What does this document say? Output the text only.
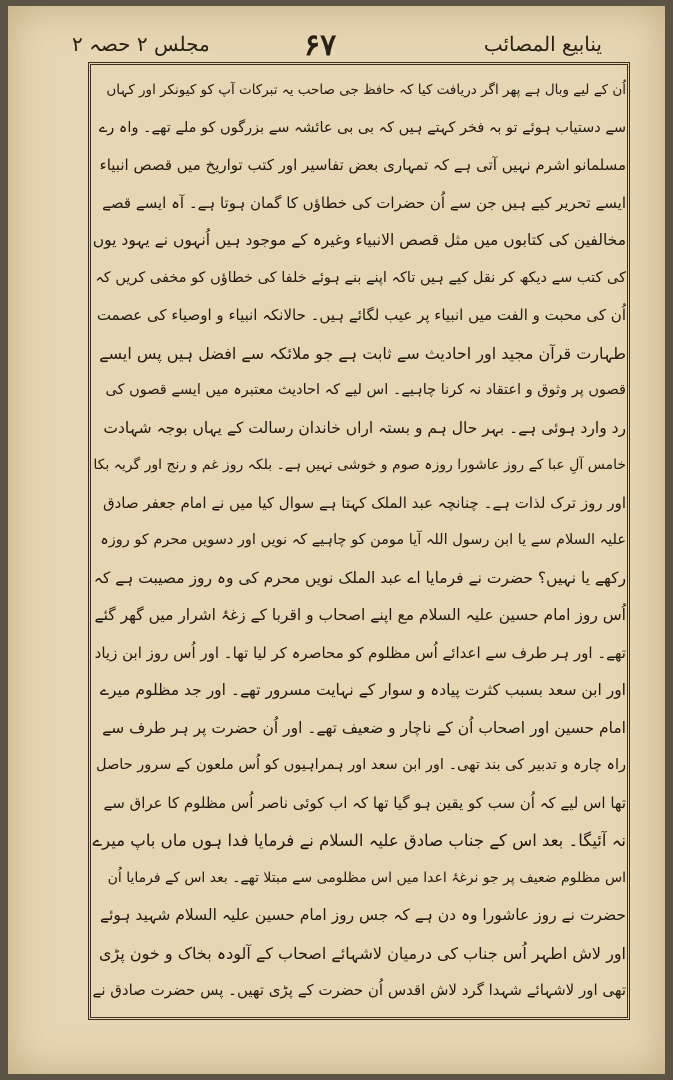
ینابیع المصائب
۶۷
مجلس ۲ حصہ ۲
اُن کے لیے وبال ہے پھر اگر دریافت کیا کہ حافظ جی صاحب یہ تبرکات آپ کو کیونکر اور کہاں
سے دستیاب ہوئے تو بہ فخر کہتے ہیں کہ بی بی عائشہ سے بزرگوں کو ملے تھے۔ واہ رے
مسلمانو اشرم نہیں آتی ہے کہ تمہاری بعض تفاسیر اور کتب تواریخ میں قصص انبیاء
ایسے تحریر کیے ہیں جن سے اُن حضرات کی خطاؤں کا گمان ہوتا ہے۔ آہ ایسے قصے
مخالفین کی کتابوں میں مثل قصص الانبیاء وغیرہ کے موجود ہیں اُنہوں نے یہود یوں
کی کتب سے دیکھ کر نقل کیے ہیں تاکہ اپنے بنے ہوئے خلفا کی خطاؤں کو مخفی کریں کہ
اُن کی محبت و الفت میں انبیاء پر عیب لگائے ہیں۔ حالانکہ انبیاء و اوصیاء کی عصمت
طہارت قرآن مجید اور احادیث سے ثابت ہے جو ملائکہ سے افضل ہیں پس ایسے
قصوں پر وثوق و اعتقاد نہ کرنا چاہیے۔ اس لیے کہ احادیث معتبرہ میں ایسے قصوں کی
رد وارد ہوئی ہے۔ بہر حال ہم و بستہ اراں خاندان رسالت کے یہاں بوجہ شہادت
خامس آلِ عبا کے روز عاشورا روزہ صوم و خوشی نہیں ہے۔ بلکہ روز غم و رنج اور گریہ بکا
اور روز ترک لذات ہے۔ چنانچہ عبد الملک کہتا ہے سوال کیا میں نے امام جعفر صادق
علیہ السلام سے یا ابن رسول اللہ آیا مومن کو چاہیے کہ نویں اور دسویں محرم کو روزہ
رکھے یا نہیں؟ حضرت نے فرمایا اے عبد الملک نویں محرم کی وہ روز مصیبت ہے کہ
اُس روز امام حسین علیہ السلام مع اپنے اصحاب و اقربا کے زغۂ اشرار میں گھر گئے
تھے۔ اور ہر طرف سے اعدائے اُس مظلوم کو محاصرہ کر لیا تھا۔ اور اُس روز ابن زیاد
اور ابن سعد بسبب کثرت پیادہ و سوار کے نہایت مسرور تھے۔ اور جد مظلوم میرے
امام حسین اور اصحاب اُن کے ناچار و ضعیف تھے۔ اور اُن حضرت پر ہر طرف سے
راہ چارہ و تدبیر کی بند تھی۔ اور ابن سعد اور ہمراہیوں کو اُس ملعون کے سرور حاصل
تھا اس لیے کہ اُن سب کو یقین ہو گیا تھا کہ اب کوئی ناصر اُس مظلوم کا عراق سے
نہ آئیگا۔ بعد اس کے جناب صادق علیہ السلام نے فرمایا فدا ہوں ماں باپ میرے
اس مظلوم ضعیف پر جو نرغۂ اعدا میں اس مظلومی سے مبتلا تھے۔ بعد اس کے فرمایا اُن
حضرت نے روز عاشورا وہ دن ہے کہ جس روز امام حسین علیہ السلام شہید ہوئے
اور لاش اطہر اُس جناب کی درمیان لاشہائے اصحاب کے آلودہ بخاک و خون پڑی
تھی اور لاشہائے شہدا گرد لاش اقدس اُن حضرت کے پڑی تھیں۔ پس حضرت صادق نے
